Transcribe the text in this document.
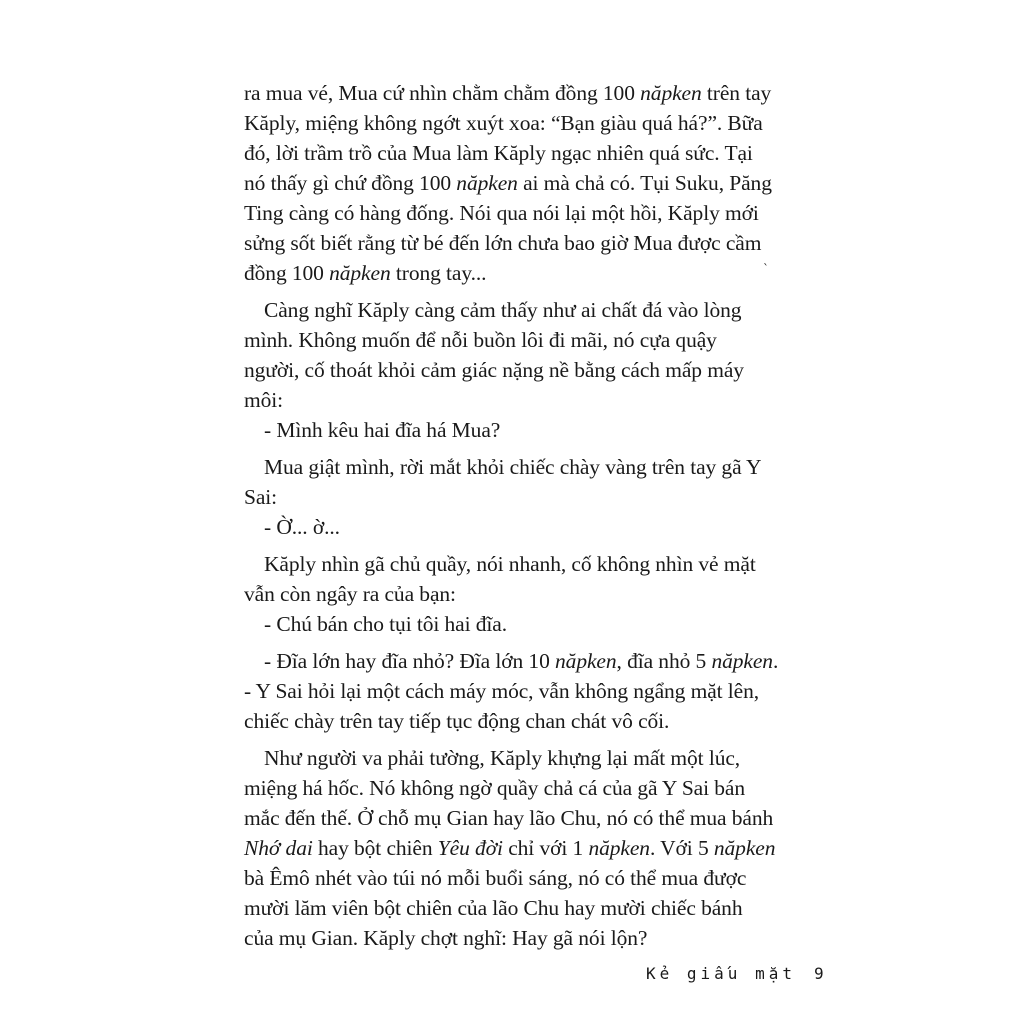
ra mua vé, Mua cứ nhìn chằm chằm đồng 100 năpken trên tay
Kăply, miệng không ngớt xuýt xoa: “Bạn giàu quá há?”. Bữa
đó, lời trầm trồ của Mua làm Kăply ngạc nhiên quá sức. Tại
nó thấy gì chứ đồng 100 năpken ai mà chả có. Tụi Suku, Păng
Ting càng có hàng đống. Nói qua nói lại một hồi, Kăply mới
sửng sốt biết rằng từ bé đến lớn chưa bao giờ Mua được cầm
đồng 100 năpken trong tay...
Càng nghĩ Kăply càng cảm thấy như ai chất đá vào lòng
mình. Không muốn để nỗi buồn lôi đi mãi, nó cựa quậy
người, cố thoát khỏi cảm giác nặng nề bằng cách mấp máy
môi:
- Mình kêu hai đĩa há Mua?
Mua giật mình, rời mắt khỏi chiếc chày vàng trên tay gã Y
Sai:
- Ờ... ờ...
Kăply nhìn gã chủ quầy, nói nhanh, cố không nhìn vẻ mặt
vẫn còn ngây ra của bạn:
- Chú bán cho tụi tôi hai đĩa.
- Đĩa lớn hay đĩa nhỏ? Đĩa lớn 10 năpken, đĩa nhỏ 5 năpken.
- Y Sai hỏi lại một cách máy móc, vẫn không ngẩng mặt lên,
chiếc chày trên tay tiếp tục động chan chát vô cối.
Như người va phải tường, Kăply khựng lại mất một lúc,
miệng há hốc. Nó không ngờ quầy chả cá của gã Y Sai bán
mắc đến thế. Ở chỗ mụ Gian hay lão Chu, nó có thể mua bánh
Nhớ dai hay bột chiên Yêu đời chỉ với 1 năpken. Với 5 năpken
bà Êmô nhét vào túi nó mỗi buổi sáng, nó có thể mua được
mười lăm viên bột chiên của lão Chu hay mười chiếc bánh
của mụ Gian. Kăply chợt nghĩ: Hay gã nói lộn?
`
Kẻ giấu mặt 9
